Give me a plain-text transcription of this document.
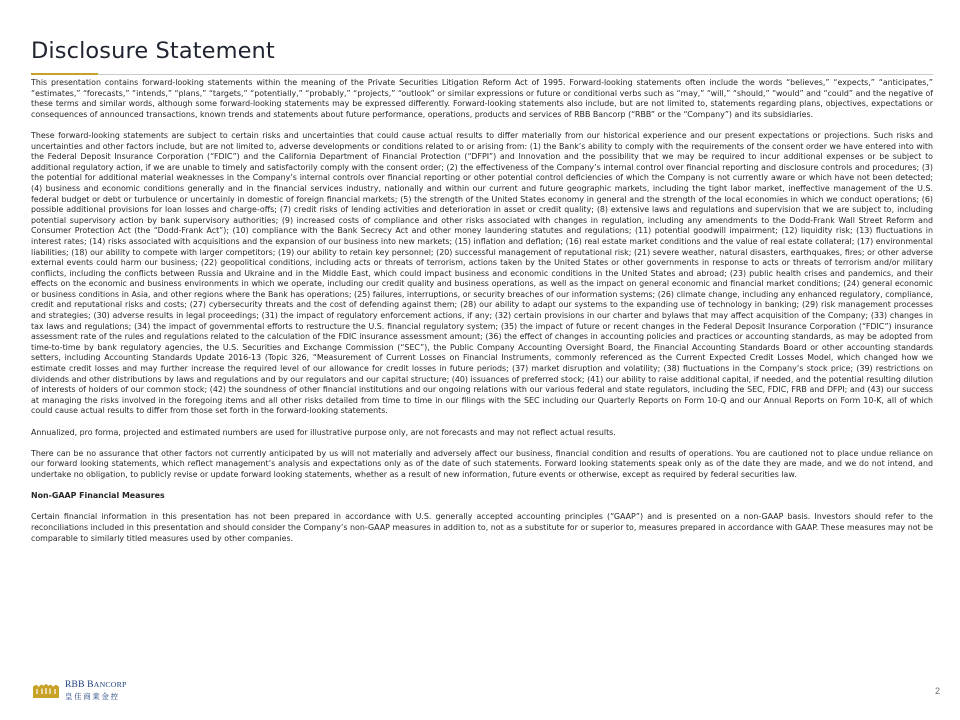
Disclosure Statement

This presentation contains forward-looking statements within the meaning of the Private Securities Litigation Reform Act of 1995. Forward-looking statements often include the words “believes,” “expects,” “anticipates,” “estimates,” “forecasts,” “intends,” “plans,” “targets,” “potentially,” “probably,” “projects,” “outlook” or similar expressions or future or conditional verbs such as “may,” “will,” “should,” “would” and “could” and the negative of these terms and similar words, although some forward-looking statements may be expressed differently. Forward-looking statements also include, but are not limited to, statements regarding plans, objectives, expectations or consequences of announced transactions, known trends and statements about future performance, operations, products and services of RBB Bancorp (“RBB” or the “Company”) and its subsidiaries.

These forward-looking statements are subject to certain risks and uncertainties that could cause actual results to differ materially from our historical experience and our present expectations or projections. Such risks and uncertainties and other factors include, but are not limited to, adverse developments or conditions related to or arising from: (1) the Bank’s ability to comply with the requirements of the consent order we have entered into with the Federal Deposit Insurance Corporation (“FDIC”) and the California Department of Financial Protection (“DFPI”) and Innovation and the possibility that we may be required to incur additional expenses or be subject to additional regulatory action, if we are unable to timely and satisfactorily comply with the consent order; (2) the effectiveness of the Company’s internal control over financial reporting and disclosure controls and procedures; (3) the potential for additional material weaknesses in the Company’s internal controls over financial reporting or other potential control deficiencies of which the Company is not currently aware or which have not been detected; (4) business and economic conditions generally and in the financial services industry, nationally and within our current and future geographic markets, including the tight labor market, ineffective management of the U.S. federal budget or debt or turbulence or uncertainly in domestic of foreign financial markets; (5) the strength of the United States economy in general and the strength of the local economies in which we conduct operations; (6) possible additional provisions for loan losses and charge-offs; (7) credit risks of lending activities and deterioration in asset or credit quality; (8) extensive laws and regulations and supervision that we are subject to, including potential supervisory action by bank supervisory authorities; (9) increased costs of compliance and other risks associated with changes in regulation, including any amendments to the Dodd-Frank Wall Street Reform and Consumer Protection Act (the “Dodd-Frank Act”); (10) compliance with the Bank Secrecy Act and other money laundering statutes and regulations; (11) potential goodwill impairment; (12) liquidity risk; (13) fluctuations in interest rates; (14) risks associated with acquisitions and the expansion of our business into new markets; (15) inflation and deflation; (16) real estate market conditions and the value of real estate collateral; (17) environmental liabilities; (18) our ability to compete with larger competitors; (19) our ability to retain key personnel; (20) successful management of reputational risk; (21) severe weather, natural disasters, earthquakes, fires; or other adverse external events could harm our business; (22) geopolitical conditions, including acts or threats of terrorism, actions taken by the United States or other governments in response to acts or threats of terrorism and/or military conflicts, including the conflicts between Russia and Ukraine and in the Middle East, which could impact business and economic conditions in the United States and abroad; (23) public health crises and pandemics, and their effects on the economic and business environments in which we operate, including our credit quality and business operations, as well as the impact on general economic and financial market conditions; (24) general economic or business conditions in Asia, and other regions where the Bank has operations; (25) failures, interruptions, or security breaches of our information systems; (26) climate change, including any enhanced regulatory, compliance, credit and reputational risks and costs; (27) cybersecurity threats and the cost of defending against them; (28) our ability to adapt our systems to the expanding use of technology in banking; (29) risk management processes and strategies; (30) adverse results in legal proceedings; (31) the impact of regulatory enforcement actions, if any; (32) certain provisions in our charter and bylaws that may affect acquisition of the Company; (33) changes in tax laws and regulations; (34) the impact of governmental efforts to restructure the U.S. financial regulatory system; (35) the impact of future or recent changes in the Federal Deposit Insurance Corporation (“FDIC”) insurance assessment rate of the rules and regulations related to the calculation of the FDIC insurance assessment amount; (36) the effect of changes in accounting policies and practices or accounting standards, as may be adopted from time-to-time by bank regulatory agencies, the U.S. Securities and Exchange Commission (“SEC”), the Public Company Accounting Oversight Board, the Financial Accounting Standards Board or other accounting standards setters, including Accounting Standards Update 2016-13 (Topic 326, “Measurement of Current Losses on Financial Instruments, commonly referenced as the Current Expected Credit Losses Model, which changed how we estimate credit losses and may further increase the required level of our allowance for credit losses in future periods; (37) market disruption and volatility; (38) fluctuations in the Company’s stock price; (39) restrictions on dividends and other distributions by laws and regulations and by our regulators and our capital structure; (40) issuances of preferred stock; (41) our ability to raise additional capital, if needed, and the potential resulting dilution of interests of holders of our common stock; (42) the soundness of other financial institutions and our ongoing relations with our various federal and state regulators, including the SEC, FDIC, FRB and DFPI; and (43) our success at managing the risks involved in the foregoing items and all other risks detailed from time to time in our filings with the SEC including our Quarterly Reports on Form 10-Q and our Annual Reports on Form 10-K, all of which could cause actual results to differ from those set forth in the forward-looking statements.

Annualized, pro forma, projected and estimated numbers are used for illustrative purpose only, are not forecasts and may not reflect actual results.

There can be no assurance that other factors not currently anticipated by us will not materially and adversely affect our business, financial condition and results of operations. You are cautioned not to place undue reliance on our forward looking statements, which reflect management’s analysis and expectations only as of the date of such statements. Forward looking statements speak only as of the date they are made, and we do not intend, and undertake no obligation, to publicly revise or update forward looking statements, whether as a result of new information, future events or otherwise, except as required by federal securities law.

Non-GAAP Financial Measures

Certain financial information in this presentation has not been prepared in accordance with U.S. generally accepted accounting principles (“GAAP”) and is presented on a non-GAAP basis. Investors should refer to the reconciliations included in this presentation and should consider the Company’s non-GAAP measures in addition to, not as a substitute for or superior to, measures prepared in accordance with GAAP. These measures may not be comparable to similarly titled measures used by other companies.

RBB BANCORP
皇佳商業金控
2
